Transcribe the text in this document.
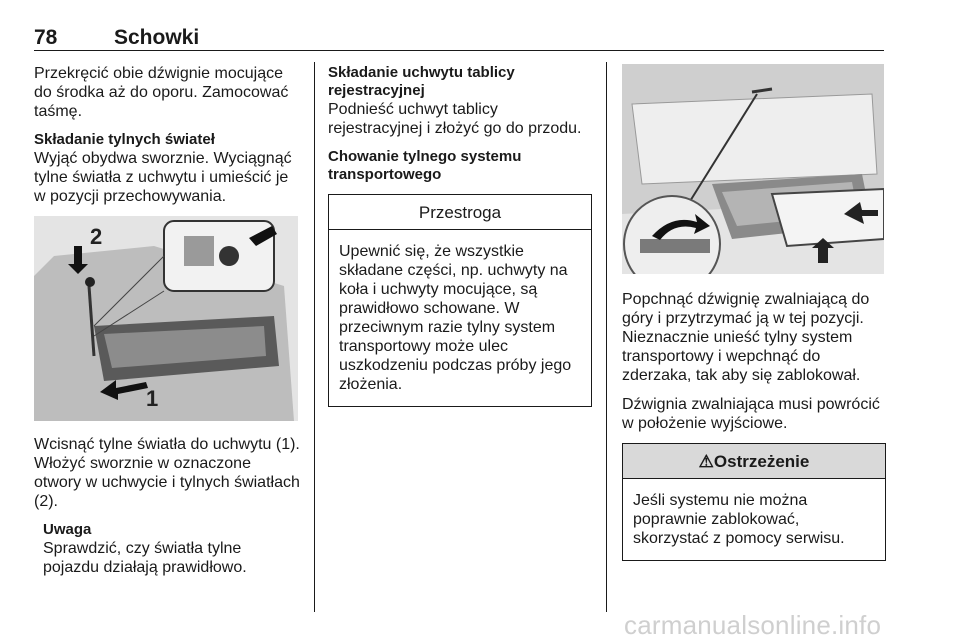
78	Schowki

Przekręcić obie dźwignie mocujące do środka aż do oporu. Zamocować taśmę.

Składanie tylnych świateł

Wyjąć obydwa sworznie. Wyciągnąć tylne światła z uchwytu i umieścić je w pozycji przechowywania.

2
1

Wcisnąć tylne światła do uchwytu (1). Włożyć sworznie w oznaczone otwory w uchwycie i tylnych światłach (2).

Uwaga
Sprawdzić, czy światła tylne pojazdu działają prawidłowo.
Składanie uchwytu tablicy rejestracyjnej

Podnieść uchwyt tablicy rejestracyjnej i złożyć go do przodu.

Chowanie tylnego systemu transportowego
Przestroga
Upewnić się, że wszystkie składane części, np. uchwyty na koła i uchwyty mocujące, są prawidłowo schowane. W przeciwnym razie tylny system transportowy może ulec uszkodzeniu podczas próby jego złożenia.

Popchnąć dźwignię zwalniającą do góry i przytrzymać ją w tej pozycji. Nieznacznie unieść tylny system transportowy i wepchnąć do zderzaka, tak aby się zablokował.

Dźwignia zwalniająca musi powrócić w położenie wyjściowe.

⚠Ostrzeżenie
Jeśli systemu nie można poprawnie zablokować, skorzystać z pomocy serwisu.
carmanualsonline.info
